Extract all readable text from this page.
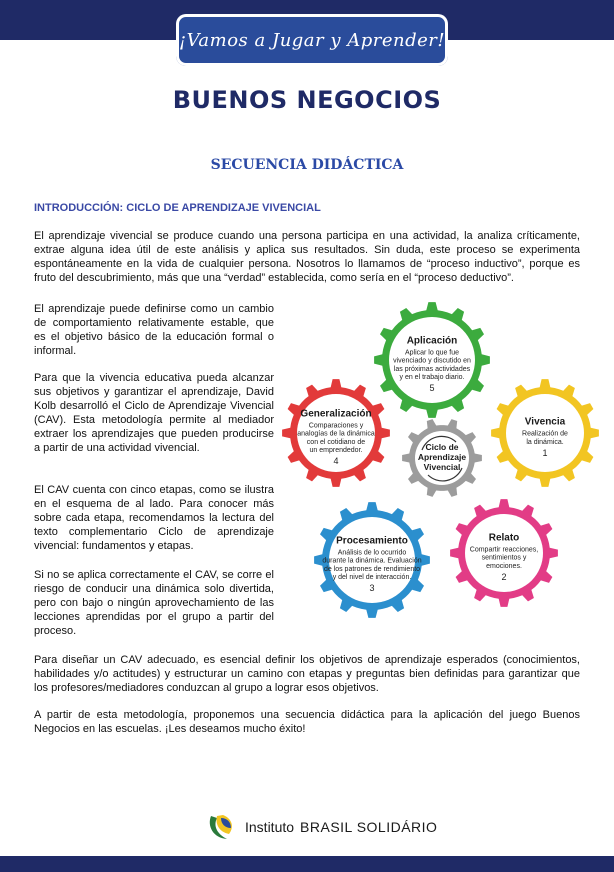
¡Vamos a Jugar y Aprender!
BUENOS NEGOCIOS
SECUENCIA DIDÁCTICA
INTRODUCCIÓN: CICLO DE APRENDIZAJE VIVENCIAL

El aprendizaje vivencial se produce cuando una persona participa en una actividad, la analiza críticamente, extrae alguna idea útil de este análisis y aplica sus resultados. Sin duda, este proceso se experimenta espontáneamente en la vida de cualquier persona. Nosotros lo llamamos de “proceso inductivo”, porque es fruto del descubrimiento, más que una “verdad” establecida, como sería en el “proceso deductivo”.

El aprendizaje puede definirse como un cambio de comportamiento relativamente estable, que es el objetivo básico de la educación formal o informal.

Para que la vivencia educativa pueda alcanzar sus objetivos y garantizar el aprendizaje, David Kolb desarrolló el Ciclo de Aprendizaje Vivencial (CAV). Esta metodología permite al mediador extraer los aprendizajes que pueden producirse a partir de una actividad vivencial.

El CAV cuenta con cinco etapas, como se ilustra en el esquema de al lado. Para conocer más sobre cada etapa, recomendamos la lectura del texto complementario Ciclo de aprendizaje vivencial: fundamentos y etapas.

Si no se aplica correctamente el CAV, se corre el riesgo de conducir una dinámica solo divertida, pero con bajo o ningún aprovechamiento de las lecciones aprendidas por el grupo a partir del proceso.

Para diseñar un CAV adecuado, es esencial definir los objetivos de aprendizaje esperados (conocimientos, habilidades y/o actitudes) y estructurar un camino con etapas y preguntas bien definidas para garantizar que los profesores/mediadores conduzcan al grupo a lograr esos objetivos.

A partir de esta metodología, proponemos una secuencia didáctica para la aplicación del juego Buenos Negocios en las escuelas. ¡Les deseamos mucho éxito!

Aplicación
Aplicar lo que fue
vivenciado y discutido en
las próximas actividades
y en el trabajo diario.
5
Vivencia
Realización de
la dinámica.
1
Relato
Compartir reacciones,
sentimientos y
emociones.
2
Procesamiento
Análisis de lo ocurrido
durante la dinámica. Evaluación
de los patrones de rendimiento
y del nivel de interacción.
3
Generalización
Comparaciones y
analogías de la dinámica
con el cotidiano de
un emprendedor.
4
Ciclo de
Aprendizaje
Vivencial
Instituto BRASIL SOLIDÁRIO
